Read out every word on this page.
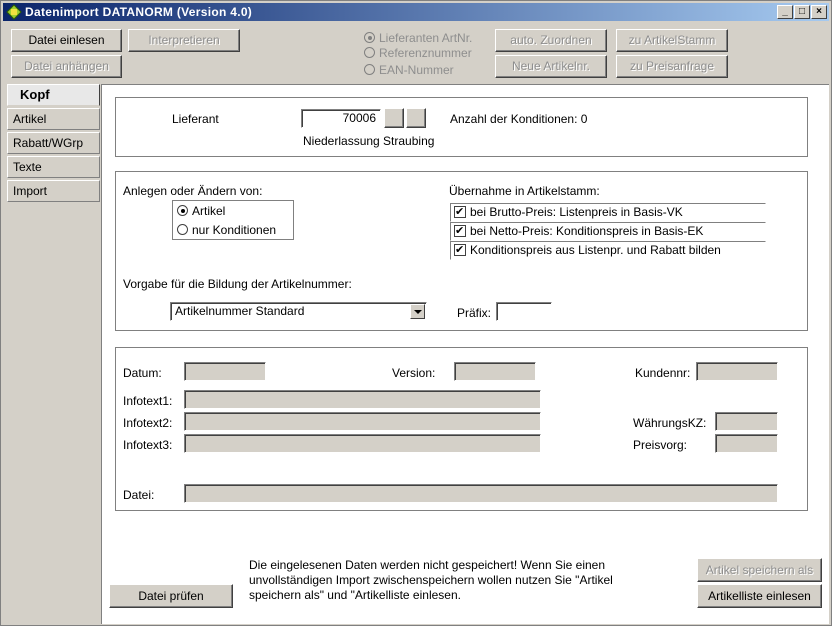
Datenimport DATANORM (Version 4.0)	_	□	×
Datei einlesen	Interpretieren
Datei anhängen
Lieferanten ArtNr.
Referenznummer
EAN-Nummer
auto. Zuordnen	zu ArtikelStamm
Neue Artikelnr.	zu Preisanfrage
Kopf
Artikel
Rabatt/WGrp
Texte
Import
Lieferant	70006	Anzahl der Konditionen: 0
Niederlassung Straubing
Anlegen oder Ändern von:
Artikel
nur Konditionen
Übernahme in Artikelstamm:
✔bei Brutto-Preis: Listenpreis in Basis-VK
✔bei Netto-Preis: Konditionspreis in Basis-EK
✔Konditionspreis aus Listenpr. und Rabatt bilden
Vorgabe für die Bildung der Artikelnummer:
Artikelnummer Standard	Präfix:
Datum:	Version:	Kundennr:
Infotext1:
Infotext2:
Infotext3:
WährungsKZ:
Preisvorg:
Datei:
Datei prüfen
Die eingelesenen Daten werden nicht gespeichert! Wenn Sie einen unvollständigen Import zwischenspeichern wollen nutzen Sie "Artikel speichern als" und "Artikelliste einlesen.
Artikel speichern als
Artikelliste einlesen
